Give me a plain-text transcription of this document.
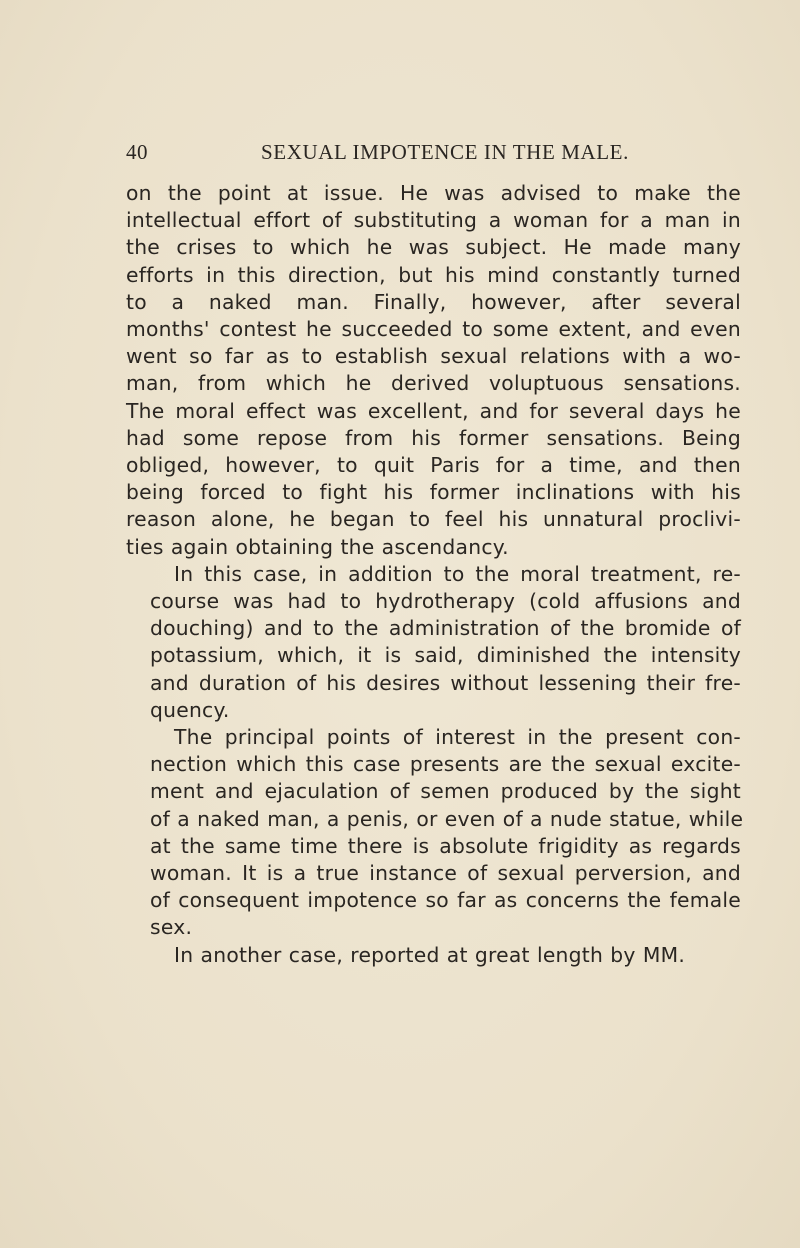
40	SEXUAL IMPOTENCE IN THE MALE.

on the point at issue. He was advised to make the
intellectual effort of substituting a woman for a man in
the crises to which he was subject. He made many
efforts in this direction, but his mind constantly turned
to a naked man. Finally, however, after several
months' contest he succeeded to some extent, and even
went so far as to establish sexual relations with a wo-
man, from which he derived voluptuous sensations.
The moral effect was excellent, and for several days he
had some repose from his former sensations. Being
obliged, however, to quit Paris for a time, and then
being forced to fight his former inclinations with his
reason alone, he began to feel his unnatural proclivi-
ties again obtaining the ascendancy.

In this case, in addition to the moral treatment, re-
course was had to hydrotherapy (cold affusions and
douching) and to the administration of the bromide of
potassium, which, it is said, diminished the intensity
and duration of his desires without lessening their fre-
quency.

The principal points of interest in the present con-
nection which this case presents are the sexual excite-
ment and ejaculation of semen produced by the sight
of a naked man, a penis, or even of a nude statue, while
at the same time there is absolute frigidity as regards
woman. It is a true instance of sexual perversion, and
of consequent impotence so far as concerns the female
sex.

In another case, reported at great length by MM.
